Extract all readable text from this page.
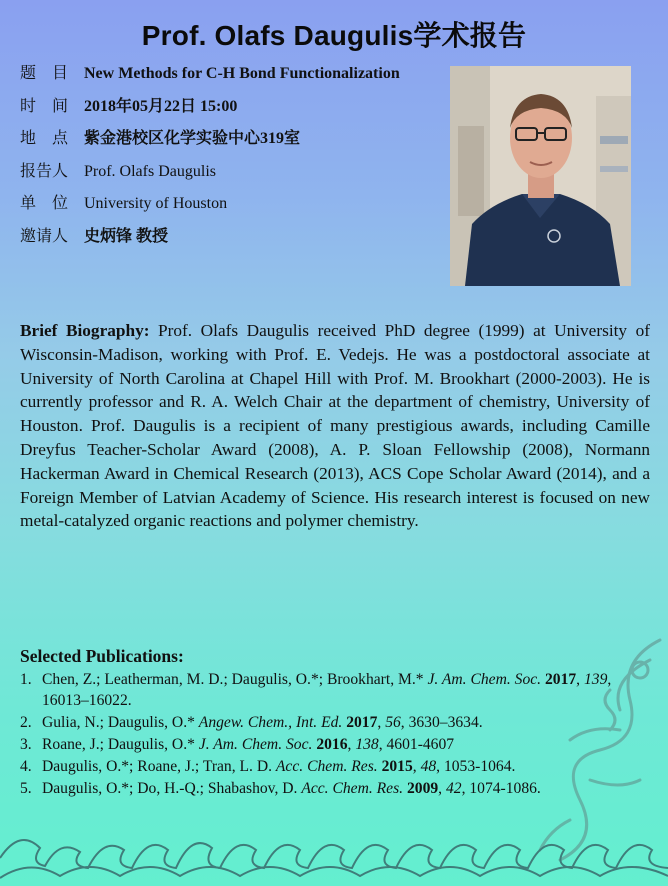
Prof. Olafs Daugulis学术报告
题　目 New Methods for C-H Bond Functionalization
时　间 2018年05月22日 15:00
地　点 紫金港校区化学实验中心319室
报告人 Prof. Olafs Daugulis
单　位 University of Houston
邀请人 史炳锋 教授
Brief Biography: Prof. Olafs Daugulis received PhD degree (1999) at University of Wisconsin-Madison, working with Prof. E. Vedejs. He was a postdoctoral associate at University of North Carolina at Chapel Hill with Prof. M. Brookhart (2000-2003). He is currently professor and R. A. Welch Chair at the department of chemistry, University of Houston. Prof. Daugulis is a recipient of many prestigious awards, including Camille Dreyfus Teacher-Scholar Award (2008), A. P. Sloan Fellowship (2008), Normann Hackerman Award in Chemical Research (2013), ACS Cope Scholar Award (2014), and a Foreign Member of Latvian Academy of Science. His research interest is focused on new metal-catalyzed organic reactions and polymer chemistry.
Selected Publications:
1. Chen, Z.; Leatherman, M. D.; Daugulis, O.*; Brookhart, M.* J. Am. Chem. Soc. 2017, 139, 16013–16022.
2. Gulia, N.; Daugulis, O.* Angew. Chem., Int. Ed. 2017, 56, 3630–3634.
3. Roane, J.; Daugulis, O.* J. Am. Chem. Soc. 2016, 138, 4601-4607
4. Daugulis, O.*; Roane, J.; Tran, L. D. Acc. Chem. Res. 2015, 48, 1053-1064.
5. Daugulis, O.*; Do, H.-Q.; Shabashov, D. Acc. Chem. Res. 2009, 42, 1074-1086.
